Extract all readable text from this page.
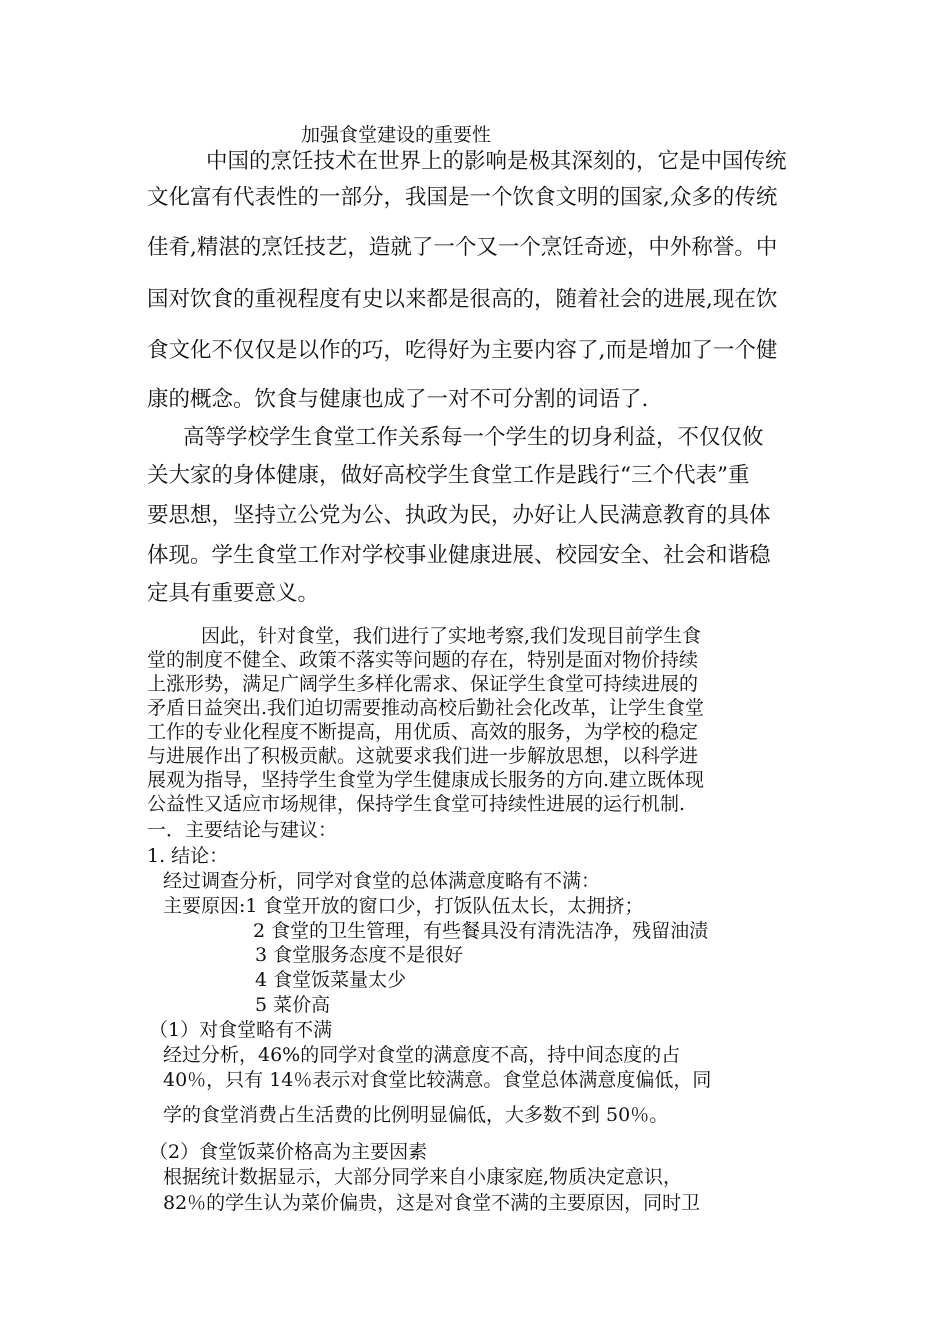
加强食堂建设的重要性
中国的烹饪技术在世界上的影响是极其深刻的，它是中国传统
文化富有代表性的一部分，我国是一个饮食文明的国家,众多的传统
佳肴,精湛的烹饪技艺，造就了一个又一个烹饪奇迹，中外称誉。中
国对饮食的重视程度有史以来都是很高的，随着社会的进展,现在饮
食文化不仅仅是以作的巧，吃得好为主要内容了,而是增加了一个健
康的概念。饮食与健康也成了一对不可分割的词语了.
高等学校学生食堂工作关系每一个学生的切身利益，不仅仅攸
关大家的身体健康，做好高校学生食堂工作是践行“三个代表”重
要思想，坚持立公党为公、执政为民，办好让人民满意教育的具体
体现。学生食堂工作对学校事业健康进展、校园安全、社会和谐稳
定具有重要意义。
因此，针对食堂，我们进行了实地考察,我们发现目前学生食
堂的制度不健全、政策不落实等问题的存在，特别是面对物价持续
上涨形势，满足广阔学生多样化需求、保证学生食堂可持续进展的
矛盾日益突出.我们迫切需要推动高校后勤社会化改革，让学生食堂
工作的专业化程度不断提高，用优质、高效的服务，为学校的稳定
与进展作出了积极贡献。这就要求我们进一步解放思想，以科学进
展观为指导，坚持学生食堂为学生健康成长服务的方向.建立既体现
公益性又适应市场规律，保持学生食堂可持续性进展的运行机制.
一．主要结论与建议：
1. 结论：
经过调查分析，同学对食堂的总体满意度略有不满：
主要原因:1 食堂开放的窗口少，打饭队伍太长，太拥挤；
2 食堂的卫生管理，有些餐具没有清洗洁净，残留油渍
3 食堂服务态度不是很好
4 食堂饭菜量太少
5 菜价高
（1）对食堂略有不满
经过分析，46%的同学对食堂的满意度不高，持中间态度的占
40％，只有 14％表示对食堂比较满意。食堂总体满意度偏低，同
学的食堂消费占生活费的比例明显偏低，大多数不到 50％。
（2）食堂饭菜价格高为主要因素
根据统计数据显示，大部分同学来自小康家庭,物质决定意识，
82％的学生认为菜价偏贵，这是对食堂不满的主要原因，同时卫
